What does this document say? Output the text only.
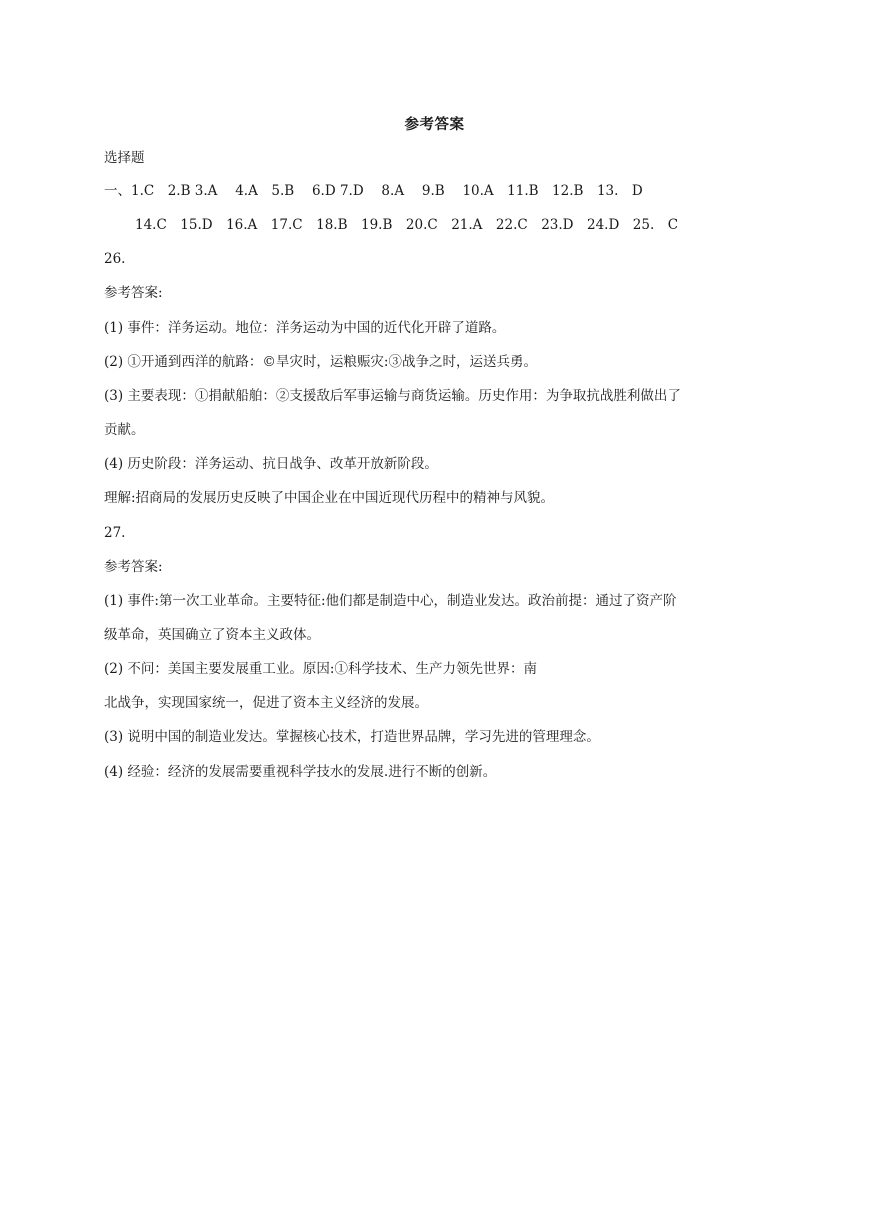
参考答案
选择题
一、1.C　2.B 3.A　 4.A　5.B　 6.D 7.D　 8.A　 9.B　 10.A　11.B　12.B　13.　D
14.C　15.D　16.A　17.C　18.B　19.B　20.C　21.A　22.C　23.D　24.D　25.　C
26.
参考答案:
(1) 事件：洋务运动。地位：洋务运动为中国的近代化开辟了道路。
(2) ①开通到西洋的航路：©旱灾时，运粮赈灾:③战争之时，运送兵勇。
(3) 主要表现：①捐献船舶：②支援敌后军事运输与商货运输。历史作用：为争取抗战胜利做出了
贡献。
(4) 历史阶段：洋务运动、抗日战争、改革开放新阶段。
理解:招商局的发展历史反映了中国企业在中国近现代历程中的精神与风貌。
27.
参考答案:
(1) 事件:第一次工业革命。主要特征:他们都是制造中心，制造业发达。政治前提：通过了资产阶
级革命，英国确立了资本主义政体。
(2) 不问：美国主要发展重工业。原因:①科学技术、生产力领先世界：南
北战争，实现国家统一，促进了资本主义经济的发展。
(3) 说明中国的制造业发达。掌握核心技术，打造世界品牌，学习先进的管理理念。
(4) 经验：经济的发展需要重视科学技水的发展.进行不断的创新。
